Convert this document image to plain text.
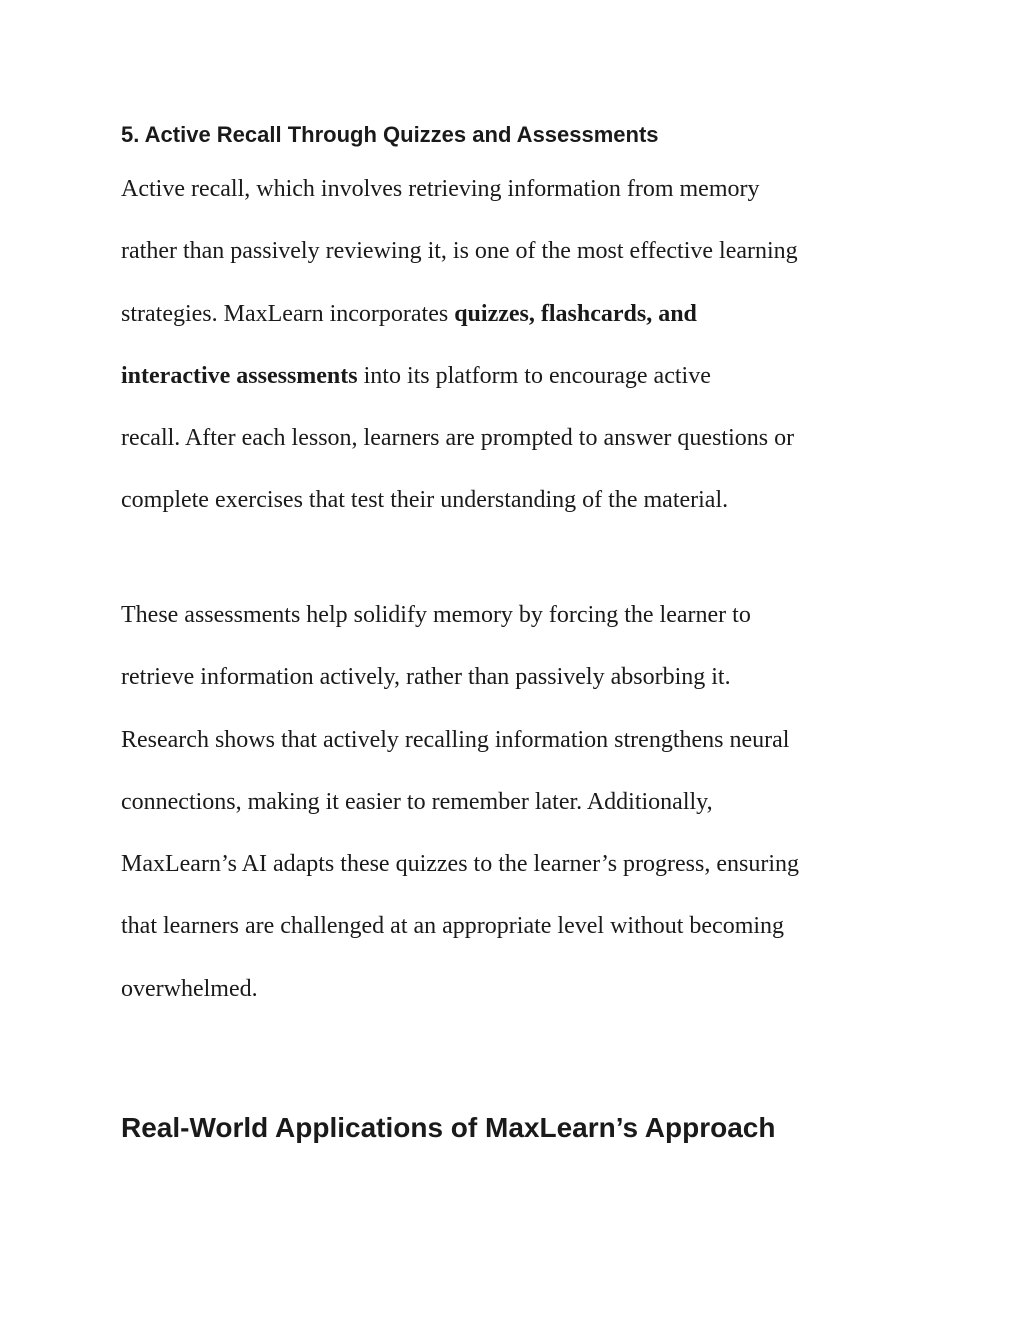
5. Active Recall Through Quizzes and Assessments

Active recall, which involves retrieving information from memory
rather than passively reviewing it, is one of the most effective learning
strategies. MaxLearn incorporates quizzes, flashcards, and
interactive assessments into its platform to encourage active
recall. After each lesson, learners are prompted to answer questions or
complete exercises that test their understanding of the material.

These assessments help solidify memory by forcing the learner to
retrieve information actively, rather than passively absorbing it.
Research shows that actively recalling information strengthens neural
connections, making it easier to remember later. Additionally,
MaxLearn’s AI adapts these quizzes to the learner’s progress, ensuring
that learners are challenged at an appropriate level without becoming
overwhelmed.

Real-World Applications of MaxLearn’s Approach
